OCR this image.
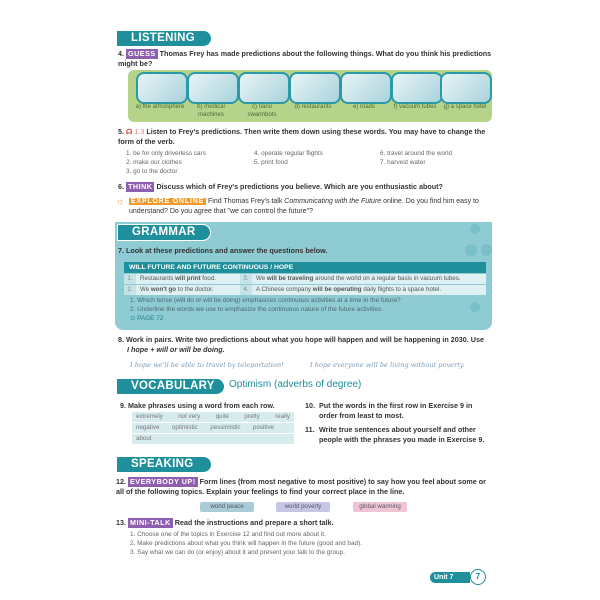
LISTENING
4. GUESS Thomas Frey has made predictions about the following things. What do you think his predictions might be?
a) the atmosphere	b) medical machines
c) nano swarmbots
d) restaurants	e) roads	f) vacuum tubes	g) a space hotel
5. ☊ 1.3 Listen to Frey's predictions. Then write them down using these words. You may have to change the form of the verb.
1. be for only driverless cars
2. make our clothes
3. go to the doctor
4. operate regular flights
5. print food
6. travel around the world
7. harvest water
6. THINK Discuss which of Frey's predictions you believe. Which are you enthusiastic about?
☼ EXPLORE ONLINE Find Thomas Frey's talk Communicating with the Future online. Do you find him easy to understand? Do you agree that "we can control the future"?
GRAMMAR
7. Look at these predictions and answer the questions below.
WILL FUTURE AND FUTURE CONTINUOUS / HOPE
1.	Restaurants will print food.	3.	We will be traveling around the world on a regular basis in vacuum tubes.
2.	We won't go to the doctor.	4.	A Chinese company will be operating daily flights to a space hotel.
1. Which tense (will do or will be doing) emphasizes continuous activities at a time in the future?
2. Underline the words we use to emphasize the continuous nature of the future activities.
⊙ PAGE 72
8. Work in pairs. Write two predictions about what you hope will happen and will be happening in 2030. Use
I hope + will or will be doing.
I hope we'll be able to travel by teleportation!	I hope everyone will be living without poverty.
VOCABULARY	Optimism (adverbs of degree)
9. Make phrases using a word from each row.
extremely not very quite pretty really
negative optimistic pessimistic positive
about
10. Put the words in the first row in Exercise 9 in order from least to most.
11. Write true sentences about yourself and other people with the phrases you made in Exercise 9.
SPEAKING
12. EVERYBODY UP! Form lines (from most negative to most positive) to say how you feel about some or all of the following topics. Explain your feelings to find your correct place in the line.
world peace	world poverty	global warming
13. MINI-TALK Read the instructions and prepare a short talk.
1. Choose one of the topics in Exercise 12 and find out more about it.
2. Make predictions about what you think will happen in the future (good and bad).
3. Say what we can do (or enjoy) about it and present your talk to the group.
Unit 7	7
